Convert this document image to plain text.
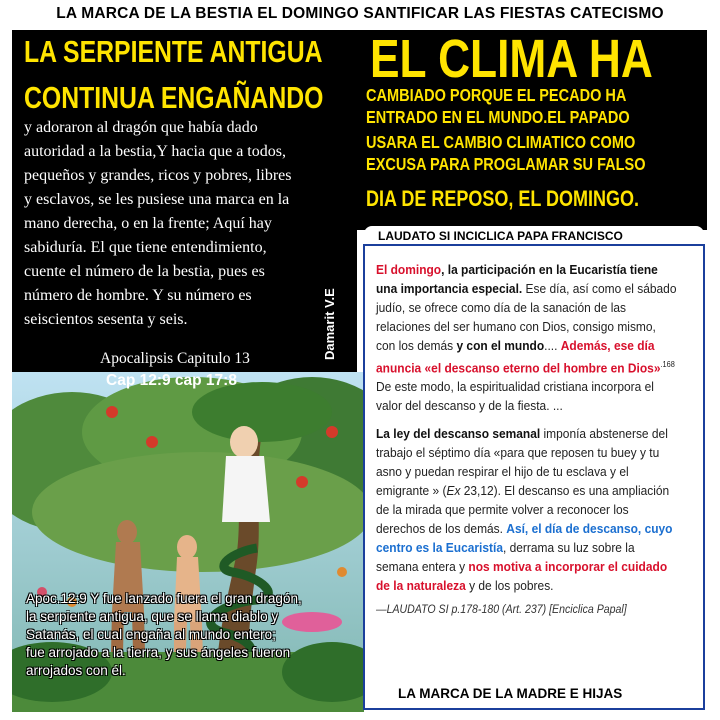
LA MARCA DE LA BESTIA EL DOMINGO SANTIFICAR LAS FIESTAS CATECISMO
LA SERPIENTE ANTIGUA
CONTINUA ENGAÑANDO
y adoraron al dragón que había dado
autoridad a la bestia,Y hacia que a todos,
pequeños y grandes, ricos y pobres, libres
y esclavos, se les pusiese una marca en la
mano derecha, o en la frente; Aquí hay
sabiduría. El que tiene entendimiento,
cuente el número de la bestia, pues es
número de hombre. Y su número es
seiscientos sesenta y seis.
Apocalipsis Capitulo 13	Damarit V.E
Cap 12:9 cap 17:8
Apoc.12:9 Y fue lanzado fuera el gran dragón,
la serpiente antigua, que se llama diablo y
Satanás, el cual engaña al mundo entero;
fue arrojado a la tierra, y sus ángeles fueron
arrojados con él.
EL CLIMA HA
CAMBIADO PORQUE EL PECADO HA
ENTRADO EN EL MUNDO.EL PAPADO
USARA EL CAMBIO CLIMATICO COMO
EXCUSA PARA PROGLAMAR SU FALSO
DIA DE REPOSO, EL DOMINGO.
LAUDATO SI INCICLICA PAPA FRANCISCO
El domingo, la participación en la Eucaristía tiene
una importancia especial. Ese día, así como el sábado
judío, se ofrece como día de la sanación de las
relaciones del ser humano con Dios, consigo mismo,
con los demás y con el mundo.... Además, ese día
anuncia «el descanso eterno del hombre en Dios»$^{.168}$
De este modo, la espiritualidad cristiana incorpora el
valor del descanso y de la fiesta. ...
La ley del descanso semanal imponía abstenerse del
trabajo el séptimo día «para que reposen tu buey y tu
asno y puedan respirar el hijo de tu esclava y el
emigrante » (Ex 23,12). El descanso es una ampliación
de la mirada que permite volver a reconocer los
derechos de los demás. Así, el día de descanso, cuyo
centro es la Eucaristía, derrama su luz sobre la
semana entera y nos motiva a incorporar el cuidado
de la naturaleza y de los pobres.
—LAUDATO SI p.178-180 (Art. 237) [Enciclica Papal]
LA MARCA DE LA MADRE E HIJAS
